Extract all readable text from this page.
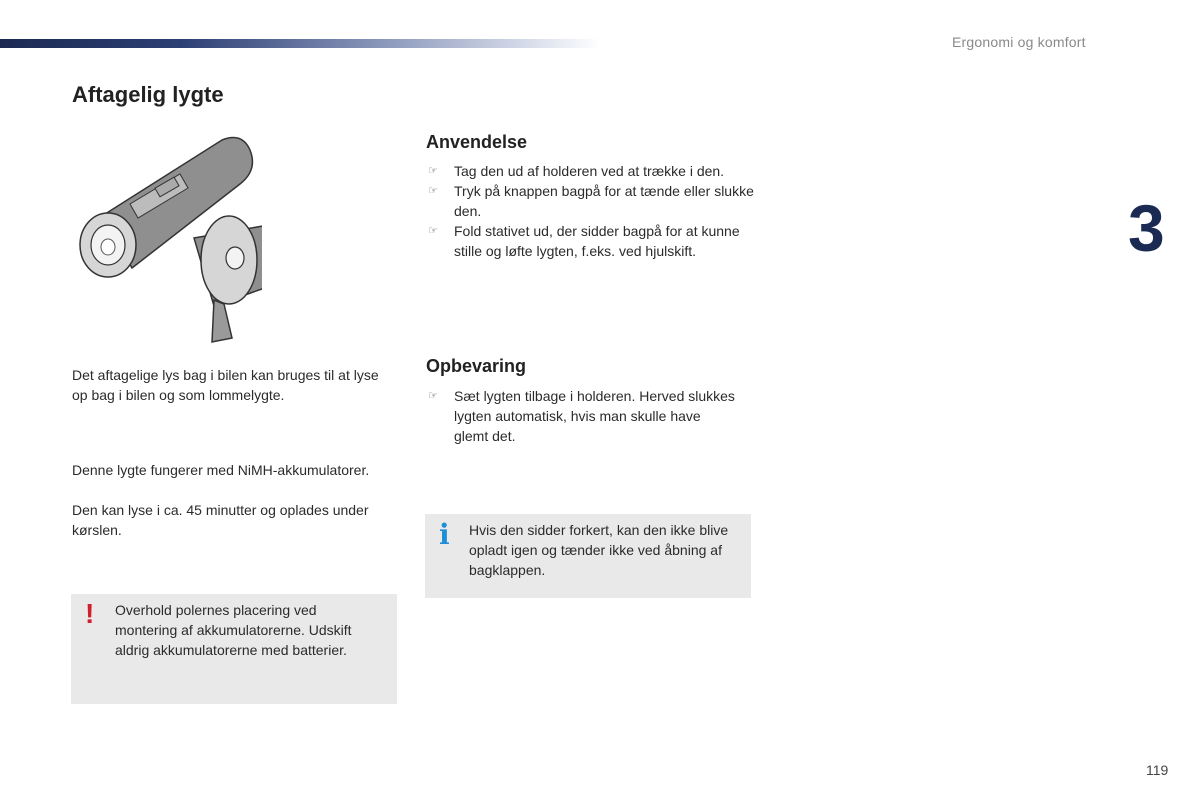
Ergonomi og komfort
Aftagelig lygte
3

Det aftagelige lys bag i bilen kan bruges til at lyse op bag i bilen og som lommelygte.

Denne lygte fungerer med NiMH-akkumulatorer.

Den kan lyse i ca. 45 minutter og oplades under kørslen.

! Overhold polernes placering ved montering af akkumulatorerne. Udskift aldrig akkumulatorerne med batterier.

Anvendelse
☞ Tag den ud af holderen ved at trække i den.
☞ Tryk på knappen bagpå for at tænde eller slukke den.
☞ Fold stativet ud, der sidder bagpå for at kunne stille og løfte lygten, f.eks. ved hjulskift.
Opbevaring
☞ Sæt lygten tilbage i holderen. Herved slukkes lygten automatisk, hvis man skulle have glemt det.
i Hvis den sidder forkert, kan den ikke blive opladt igen og tænder ikke ved åbning af bagklappen.

119
